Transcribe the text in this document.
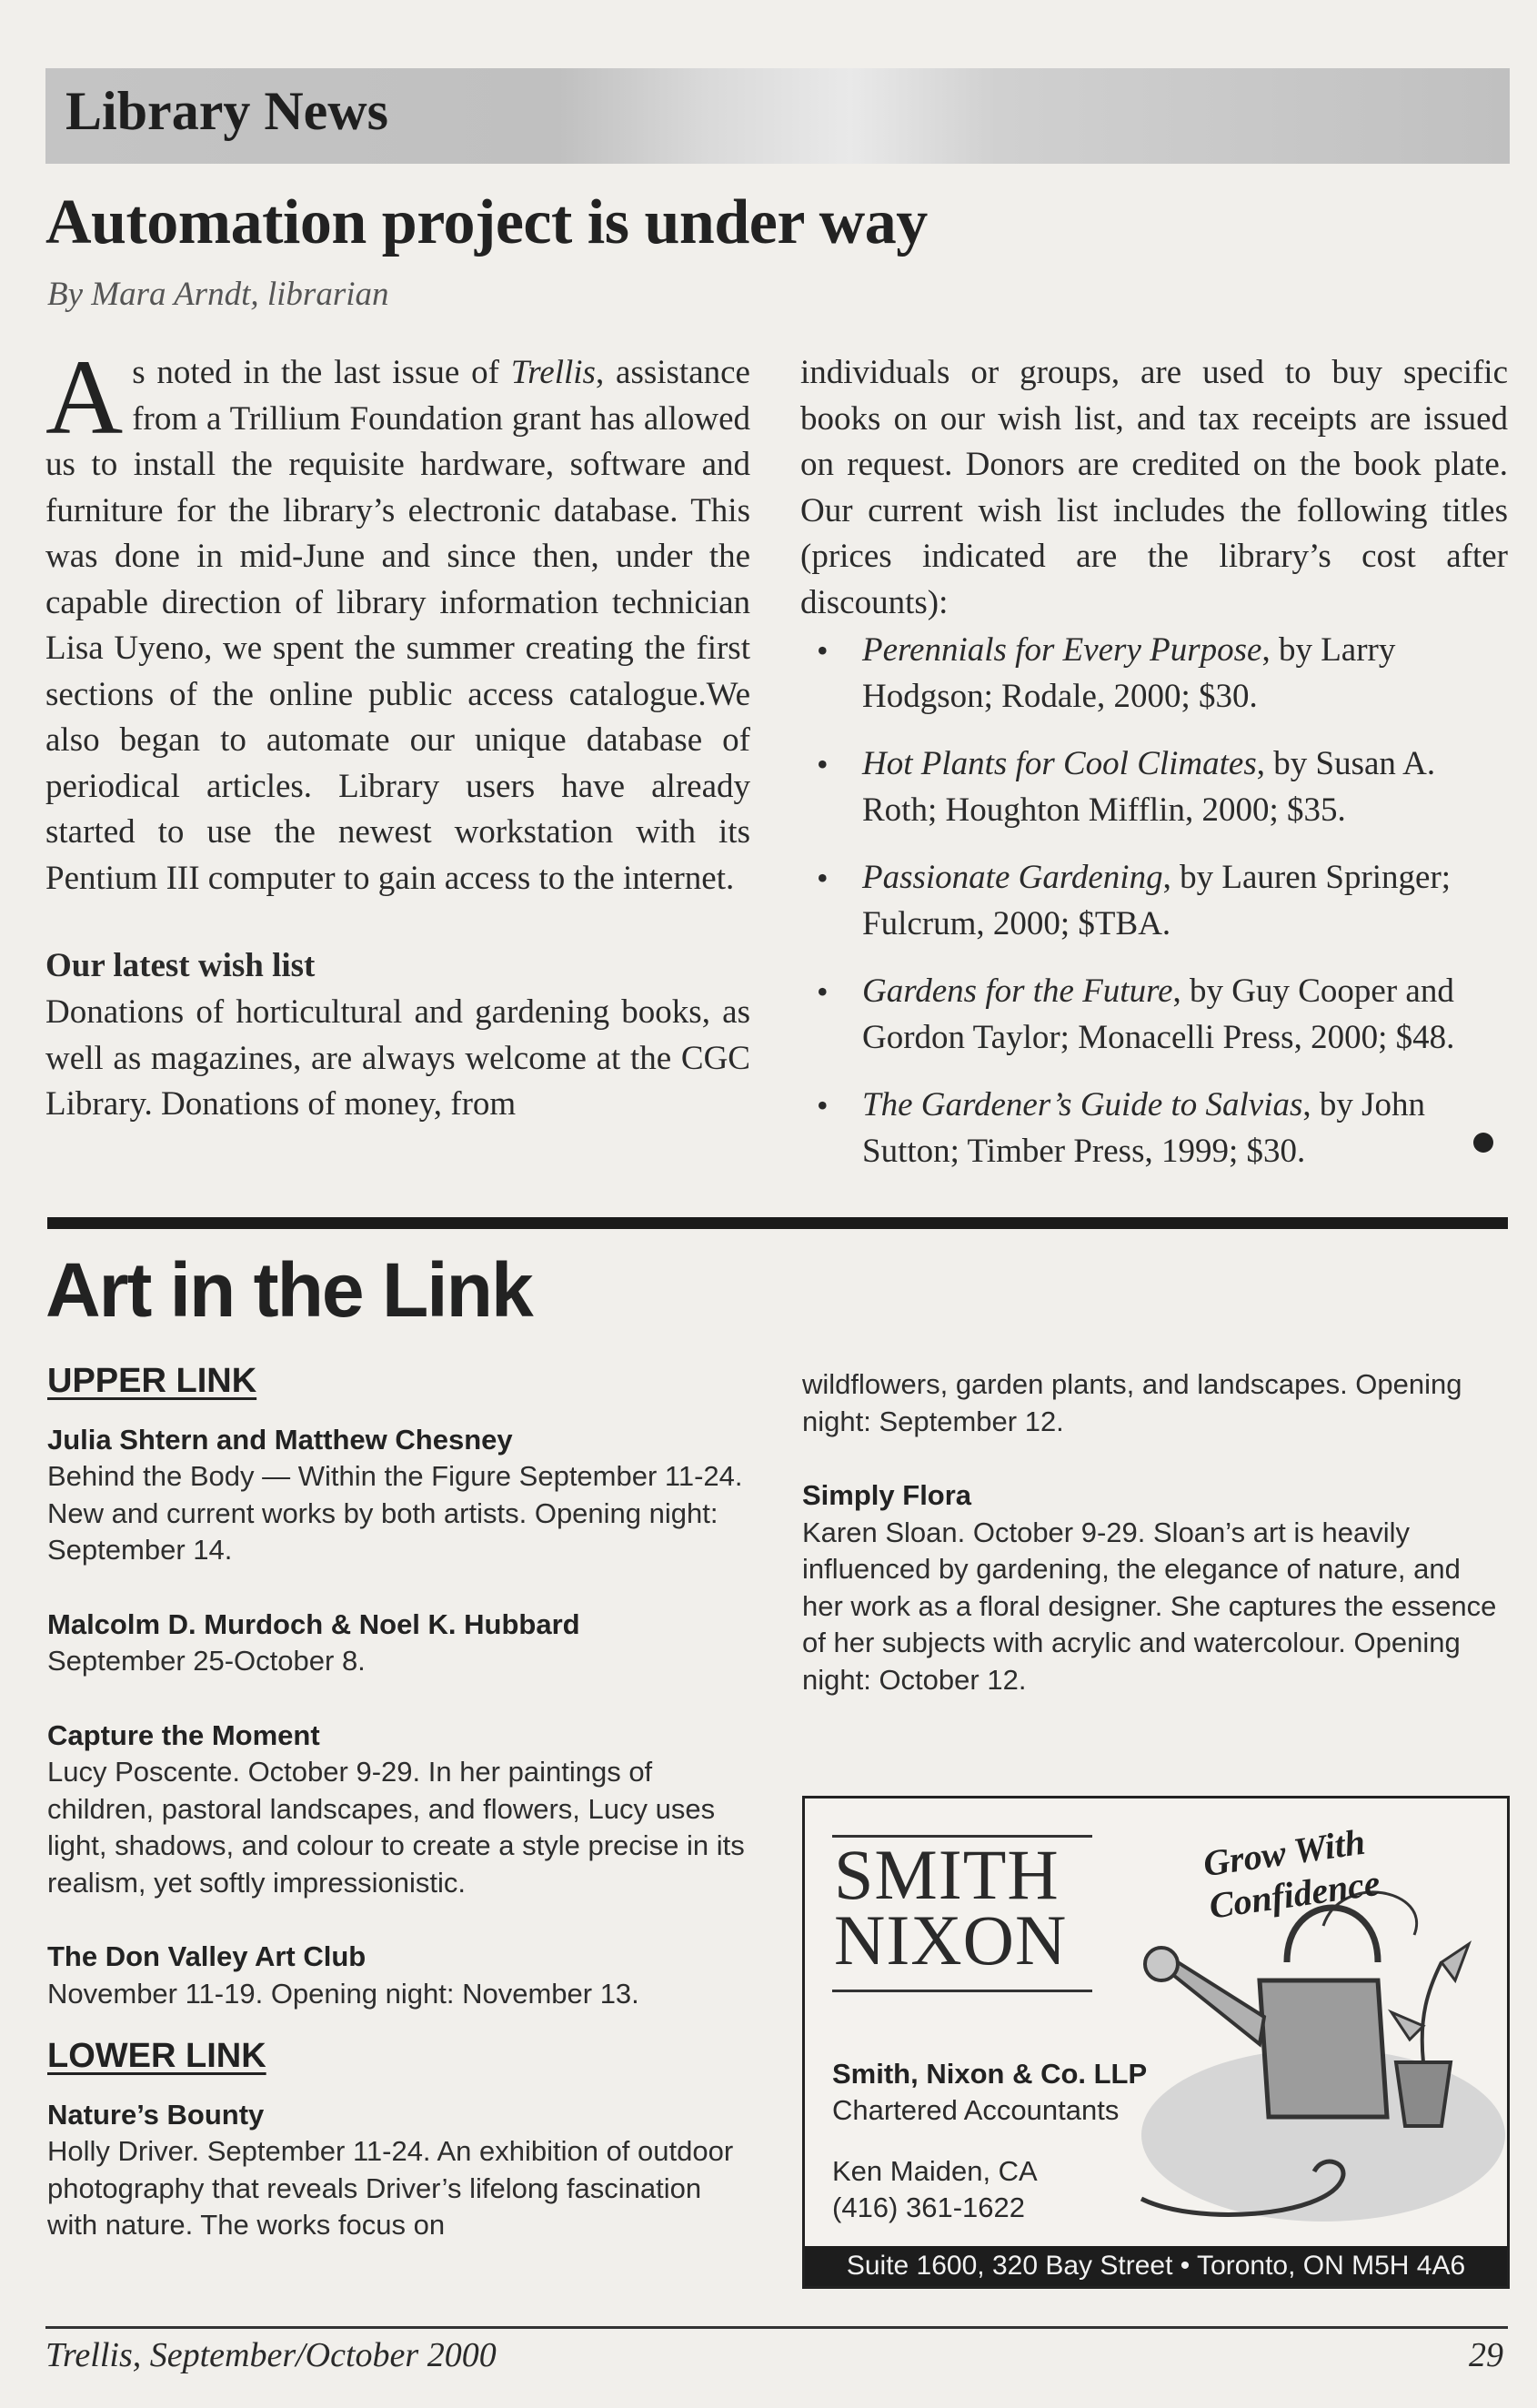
Library News
Automation project is under way
By Mara Arndt, librarian

As noted in the last issue of Trellis, assistance from a Trillium Foundation grant has allowed us to install the requisite hardware, software and furniture for the library’s electronic database. This was done in mid-June and since then, under the capable direction of library information technician Lisa Uyeno, we spent the summer creating the first sections of the online public access catalogue.We also began to automate our unique database of periodical articles. Library users have already started to use the newest workstation with its Pentium III computer to gain access to the internet.

Our latest wish list

Donations of horticultural and gardening books, as well as magazines, are always welcome at the CGC Library. Donations of money, from

individuals or groups, are used to buy specific books on our wish list, and tax receipts are issued on request. Donors are credited on the book plate. Our current wish list includes the following titles (prices indicated are the library’s cost after discounts):

• Perennials for Every Purpose, by Larry Hodgson; Rodale, 2000; $30.
• Hot Plants for Cool Climates, by Susan A. Roth; Houghton Mifflin, 2000; $35.
• Passionate Gardening, by Lauren Springer; Fulcrum, 2000; $TBA.
• Gardens for the Future, by Guy Cooper and Gordon Taylor; Monacelli Press, 2000; $48.
• The Gardener’s Guide to Salvias, by John Sutton; Timber Press, 1999; $30.
Art in the Link
UPPER LINK
Julia Shtern and Matthew Chesney
Behind the Body — Within the Figure September 11-24. New and current works by both artists. Opening night: September 14.
Malcolm D. Murdoch & Noel K. Hubbard
September 25-October 8.
Capture the Moment
Lucy Poscente. October 9-29. In her paintings of children, pastoral landscapes, and flowers, Lucy uses light, shadows, and colour to create a style precise in its realism, yet softly impressionistic.
The Don Valley Art Club
November 11-19. Opening night: November 13.
LOWER LINK
Nature’s Bounty
Holly Driver. September 11-24. An exhibition of outdoor photography that reveals Driver’s lifelong fascination with nature. The works focus on
wildflowers, garden plants, and landscapes. Opening night: September 12.
Simply Flora
Karen Sloan. October 9-29. Sloan’s art is heavily influenced by gardening, the elegance of nature, and her work as a floral designer. She captures the essence of her subjects with acrylic and watercolour. Opening night: October 12.
SMITH
NIXON
Smith, Nixon & Co. LLP
Chartered Accountants
Ken Maiden, CA
(416) 361-1622
Grow With Confidence
Suite 1600, 320 Bay Street • Toronto, ON M5H 4A6
Trellis, September/October 2000	29
